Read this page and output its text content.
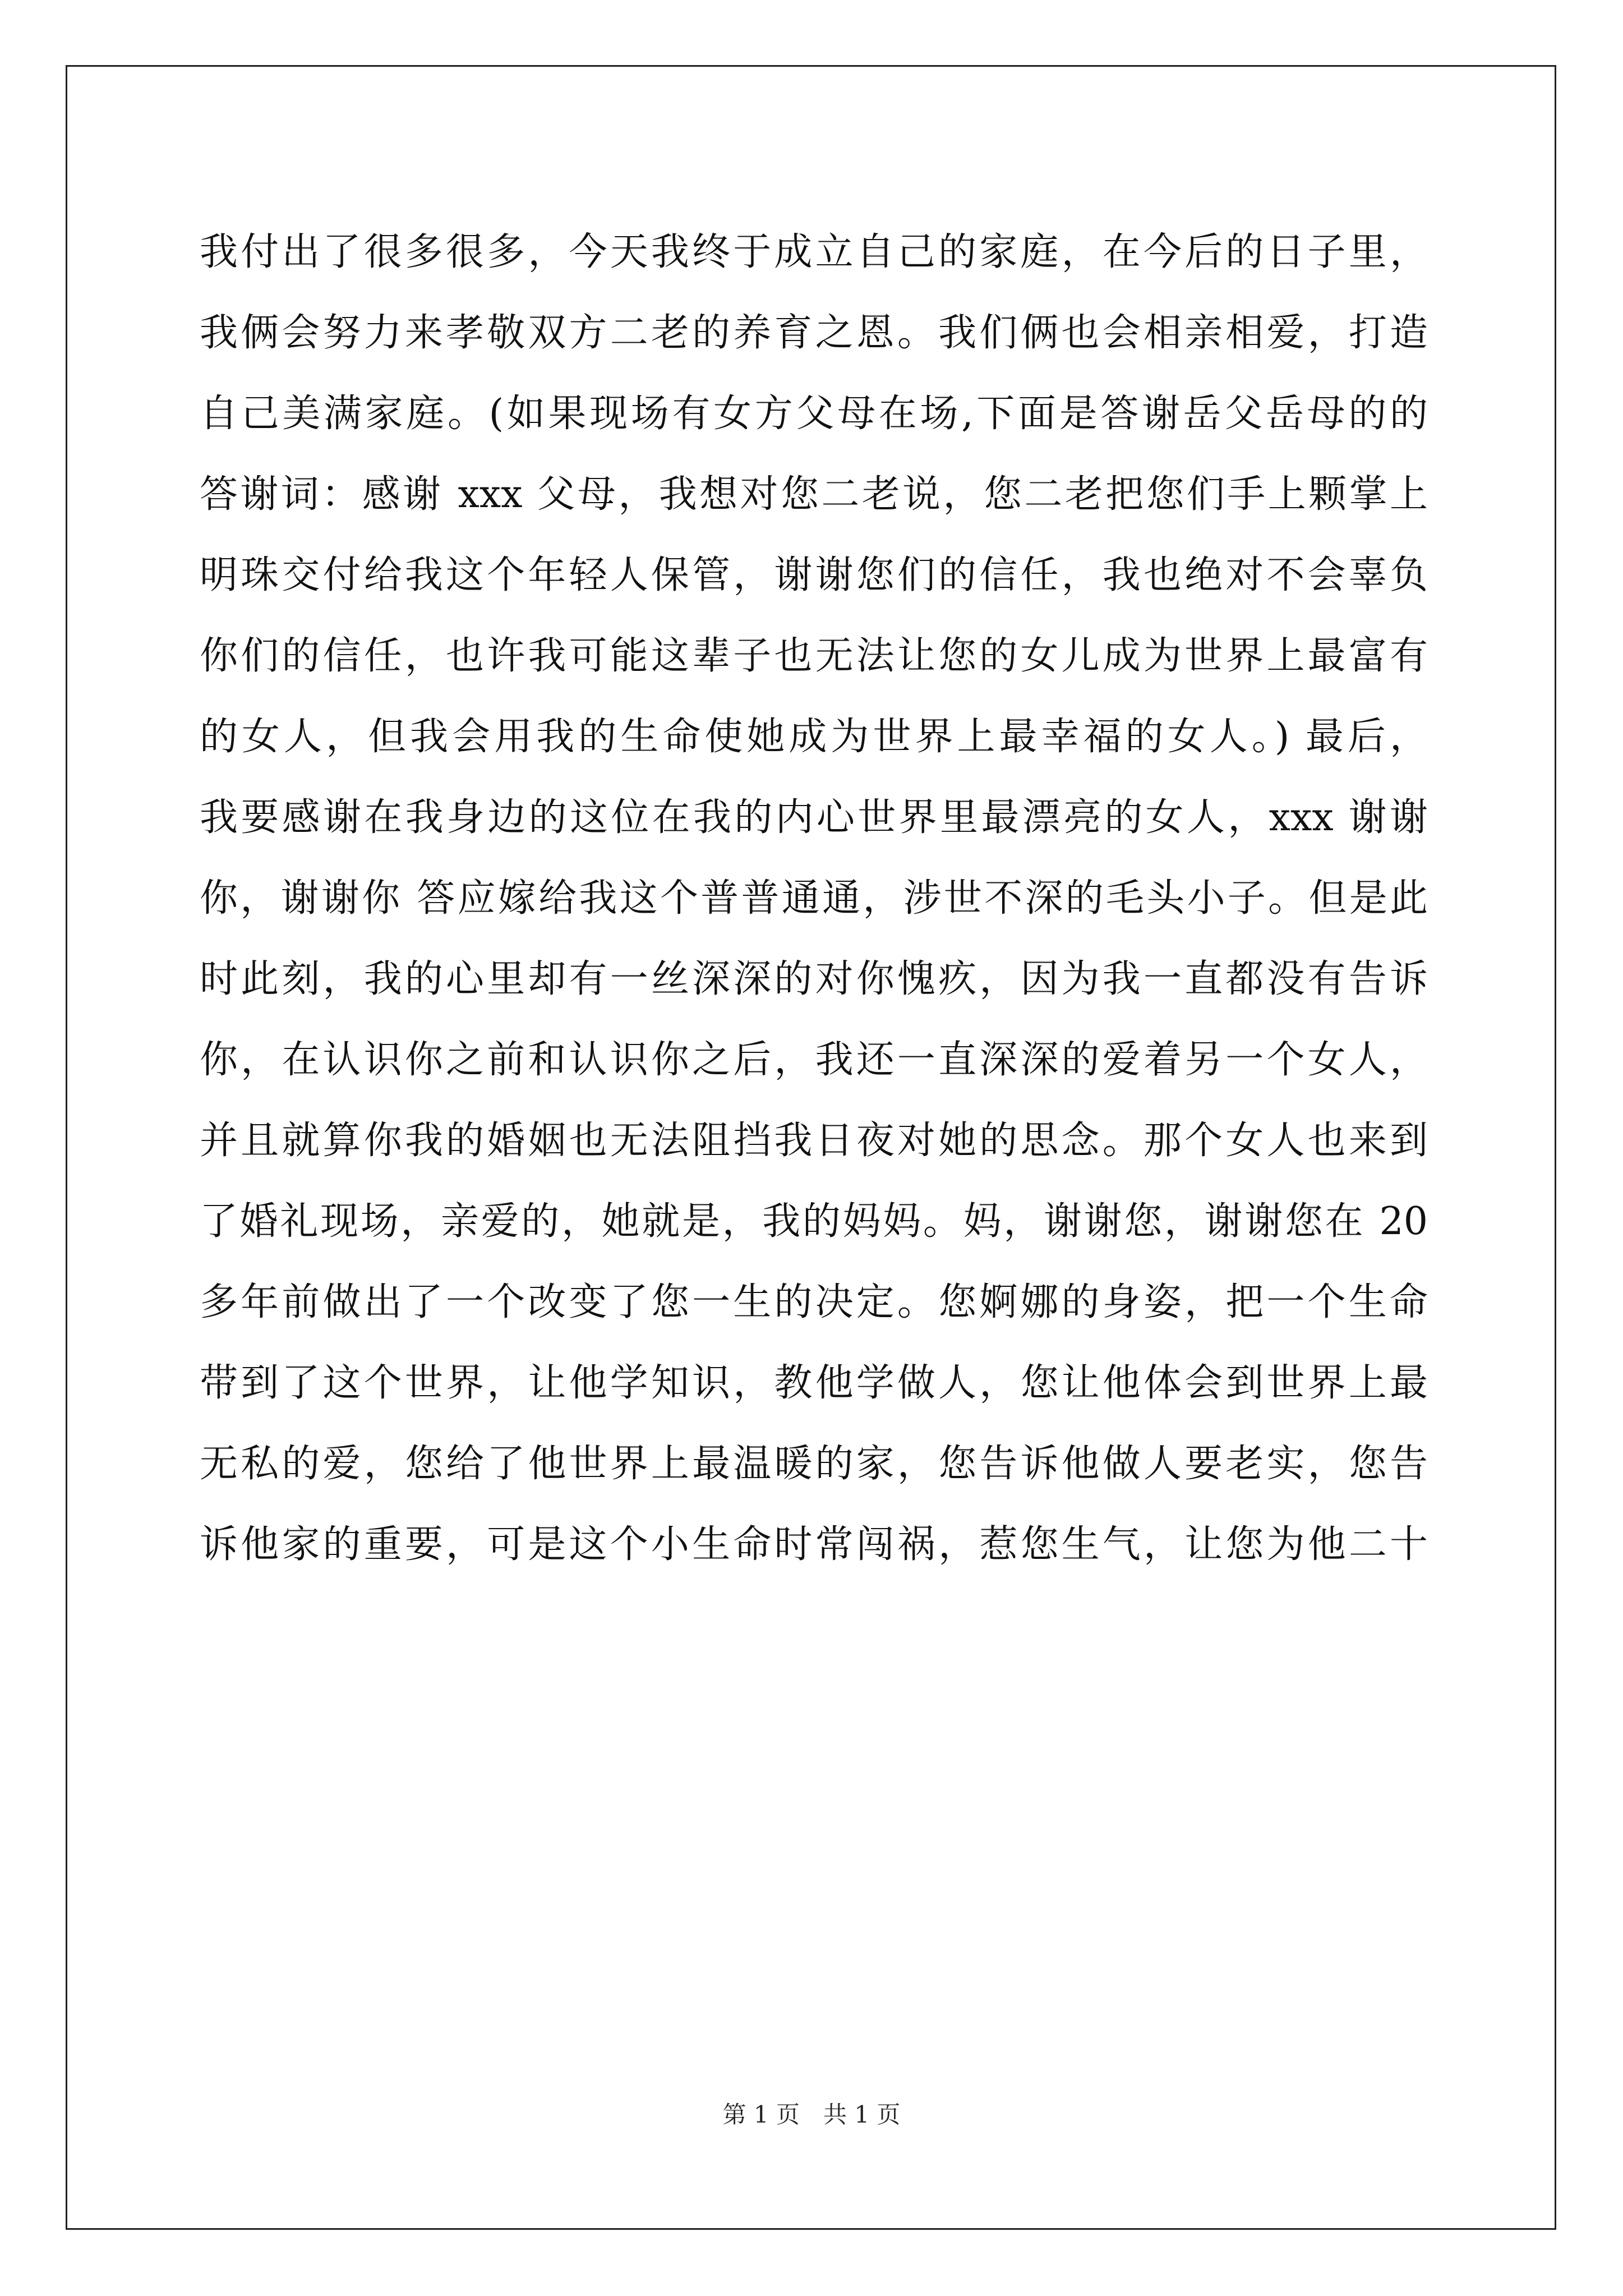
我付出了很多很多，今天我终于成立自己的家庭，在今后的日子里，
我俩会努力来孝敬双方二老的养育之恩。我们俩也会相亲相爱，打造
自己美满家庭。(如果现场有女方父母在场,下面是答谢岳父岳母的的
答谢词：感谢 xxx 父母，我想对您二老说，您二老把您们手上颗掌上
明珠交付给我这个年轻人保管，谢谢您们的信任，我也绝对不会辜负
你们的信任，也许我可能这辈子也无法让您的女儿成为世界上最富有
的女人，但我会用我的生命使她成为世界上最幸福的女人。) 最后，
我要感谢在我身边的这位在我的内心世界里最漂亮的女人，xxx 谢谢
你，谢谢你 答应嫁给我这个普普通通，涉世不深的毛头小子。但是此
时此刻，我的心里却有一丝深深的对你愧疚，因为我一直都没有告诉
你，在认识你之前和认识你之后，我还一直深深的爱着另一个女人，
并且就算你我的婚姻也无法阻挡我日夜对她的思念。那个女人也来到
了婚礼现场，亲爱的，她就是，我的妈妈。妈，谢谢您，谢谢您在 20
多年前做出了一个改变了您一生的决定。您婀娜的身姿，把一个生命
带到了这个世界，让他学知识，教他学做人，您让他体会到世界上最
无私的爱，您给了他世界上最温暖的家，您告诉他做人要老实，您告
诉他家的重要，可是这个小生命时常闯祸，惹您生气，让您为他二十
第 1 页　共 1 页
